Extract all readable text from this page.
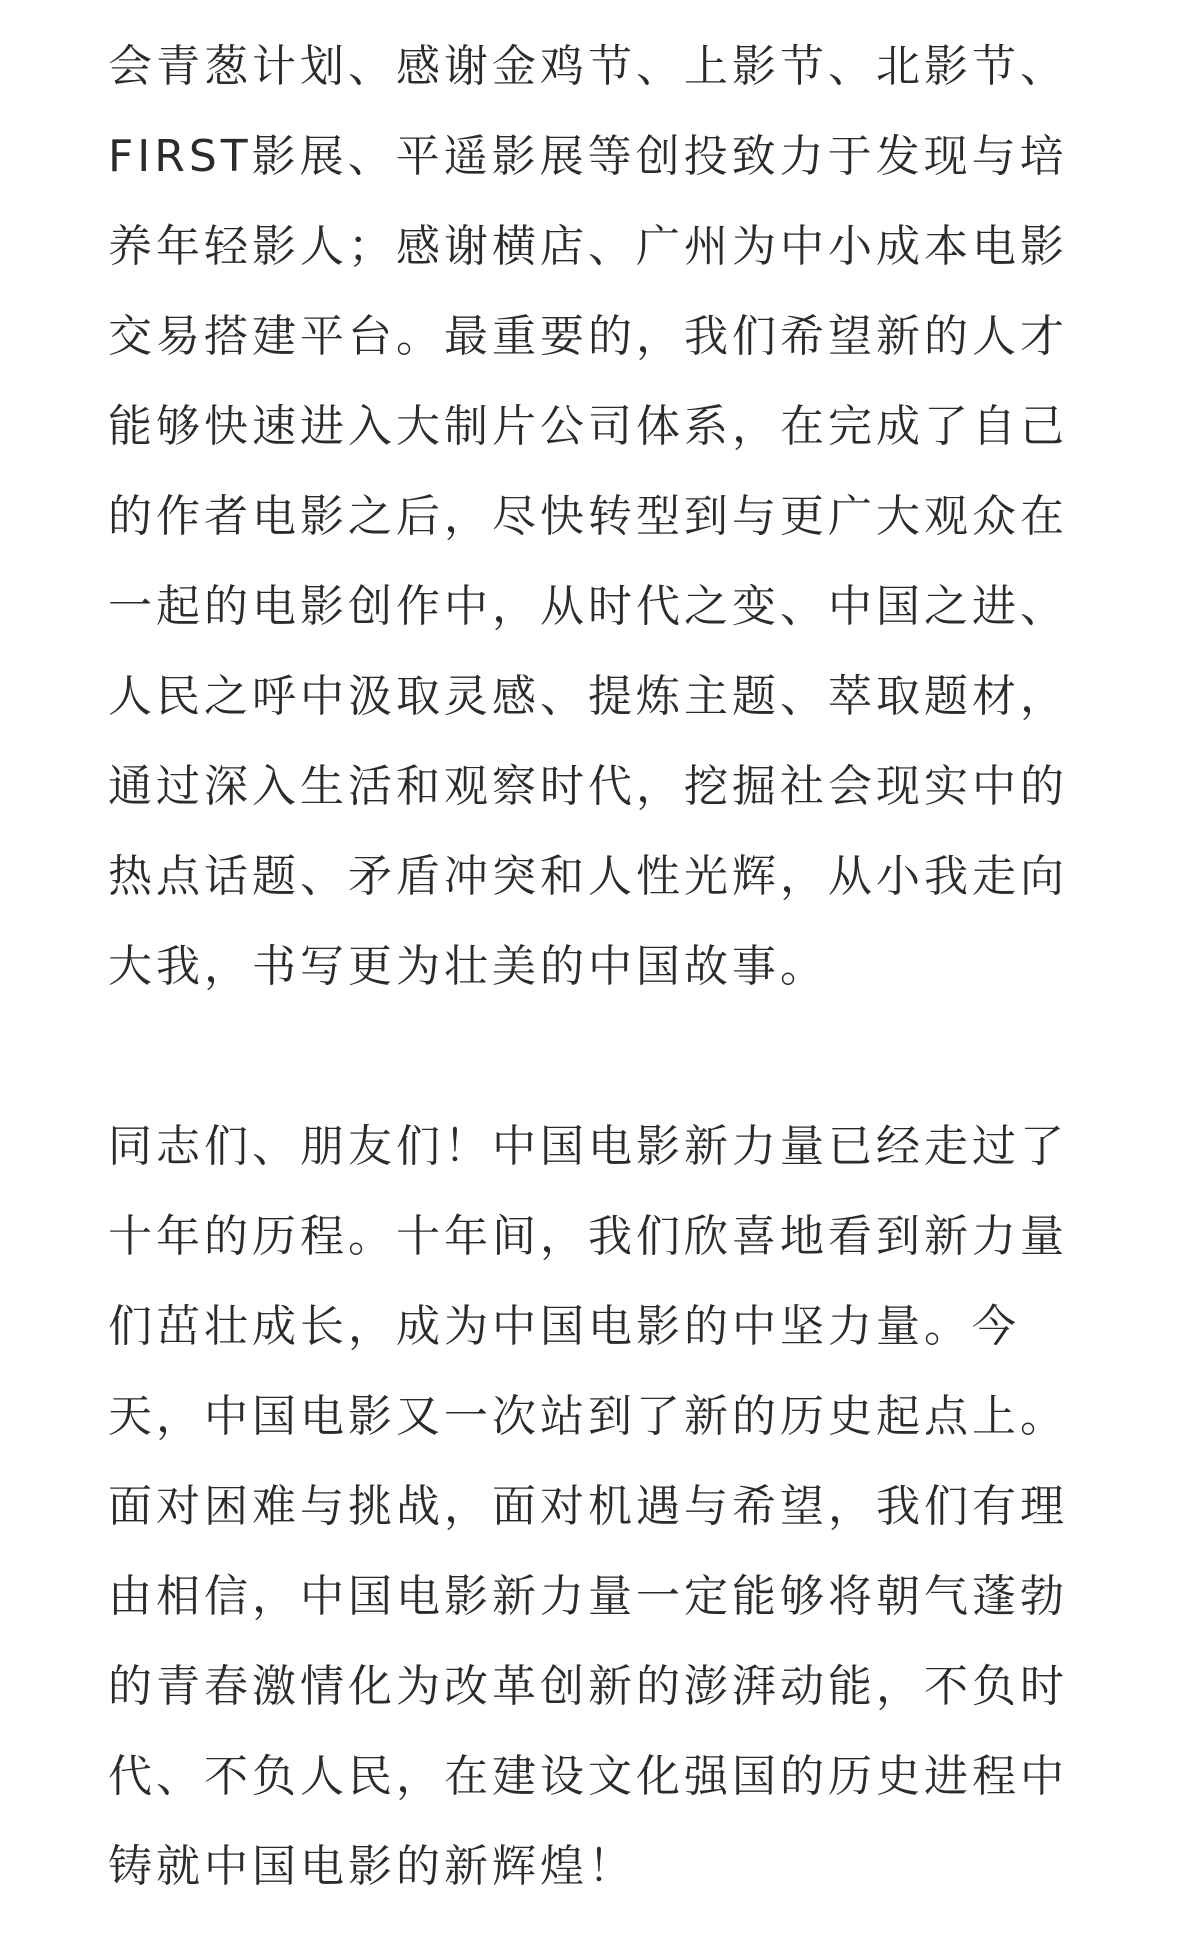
会青葱计划、感谢金鸡节、上影节、北影节、
FIRST影展、平遥影展等创投致力于发现与培
养年轻影人；感谢横店、广州为中小成本电影
交易搭建平台。最重要的，我们希望新的人才
能够快速进入大制片公司体系，在完成了自己
的作者电影之后，尽快转型到与更广大观众在
一起的电影创作中，从时代之变、中国之进、
人民之呼中汲取灵感、提炼主题、萃取题材，
通过深入生活和观察时代，挖掘社会现实中的
热点话题、矛盾冲突和人性光辉，从小我走向
大我，书写更为壮美的中国故事。
同志们、朋友们！中国电影新力量已经走过了
十年的历程。十年间，我们欣喜地看到新力量
们茁壮成长，成为中国电影的中坚力量。今
天，中国电影又一次站到了新的历史起点上。
面对困难与挑战，面对机遇与希望，我们有理
由相信，中国电影新力量一定能够将朝气蓬勃
的青春激情化为改革创新的澎湃动能，不负时
代、不负人民，在建设文化强国的历史进程中
铸就中国电影的新辉煌！
